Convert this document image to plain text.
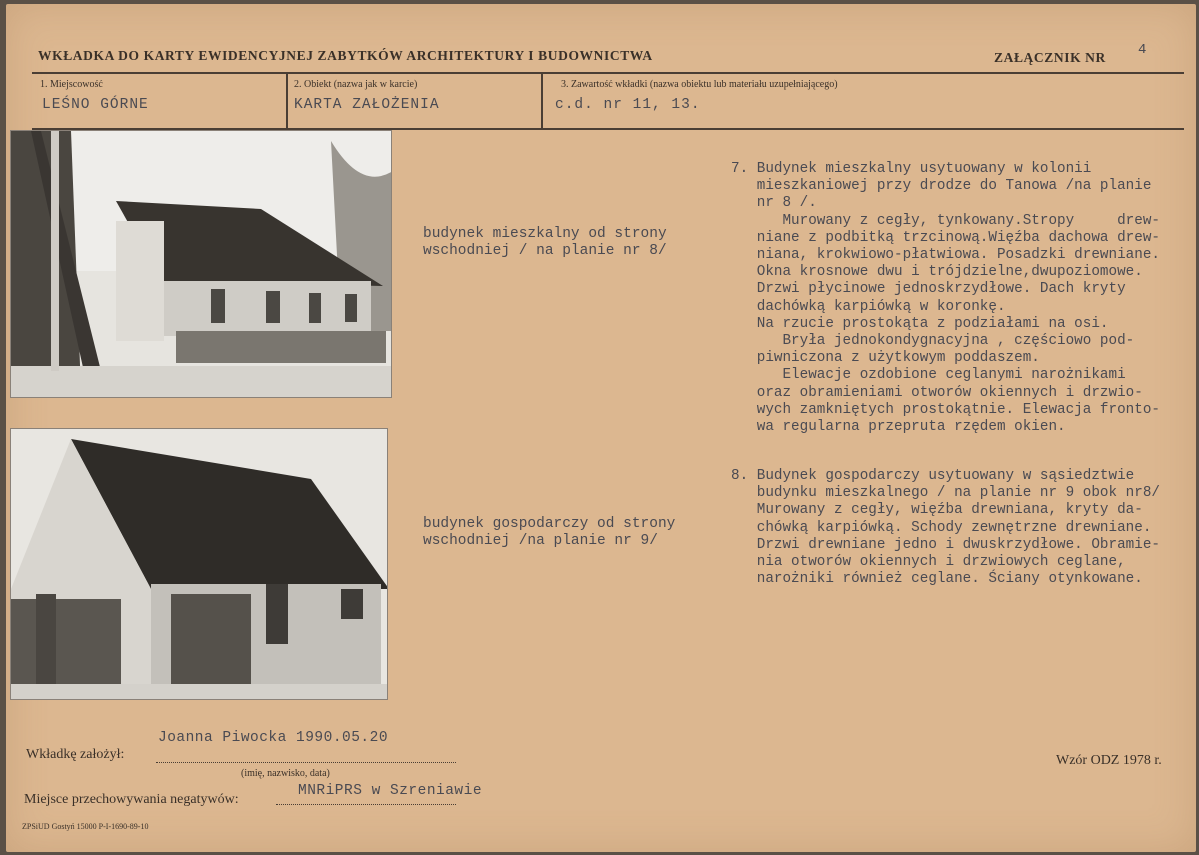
WKŁADKA DO KARTY EWIDENCYJNEJ ZABYTKÓW ARCHITEKTURY I BUDOWNICTWA	ZAŁĄCZNIK NR 4
1. Miejscowość
LEŚNO GÓRNE
2. Obiekt (nazwa jak w karcie)
KARTA ZAŁOŻENIA
3. Zawartość wkładki (nazwa obiektu lub materiału uzupełniającego)
c.d. nr 11, 13.
budynek mieszkalny od strony
wschodniej / na planie nr 8/
budynek gospodarczy od strony
wschodniej /na planie nr 9/
7. Budynek mieszkalny usytuowany w kolonii
mieszkaniowej przy drodze do Tanowa /na planie
nr 8 /.
Murowany z cegły, tynkowany.Stropy     drew-
niane z podbitką trzcinową.Więźba dachowa drew-
niana, krokwiowo-płatwiowa. Posadzki drewniane.
Okna krosnowe dwu i trójdzielne,dwupoziomowe.
Drzwi płycinowe jednoskrzydłowe. Dach kryty
dachówką karpiówką w koronkę.
Na rzucie prostokąta z podziałami na osi.
Bryła jednokondygnacyjna , częściowo pod-
piwniczona z użytkowym poddaszem.
Elewacje ozdobione ceglanymi narożnikami
oraz obramieniami otworów okiennych i drzwio-
wych zamkniętych prostokątnie. Elewacja fronto-
wa regularna przepruta rzędem okien.
8. Budynek gospodarczy usytuowany w sąsiedztwie
budynku mieszkalnego / na planie nr 9 obok nr8/
Murowany z cegły, więźba drewniana, kryty da-
chówką karpiówką. Schody zewnętrzne drewniane.
Drzwi drewniane jedno i dwuskrzydłowe. Obramie-
nia otworów okiennych i drzwiowych ceglane,
narożniki również ceglane. Ściany otynkowane.
Wkładkę założył:
Joanna Piwocka 1990.05.20
(imię, nazwisko, data)
Miejsce przechowywania negatywów:
MNRiPRS w Szreniawie
Wzór ODZ 1978 r.
ZPSiUD Gostyń 15000 P-I-1690-89-10
